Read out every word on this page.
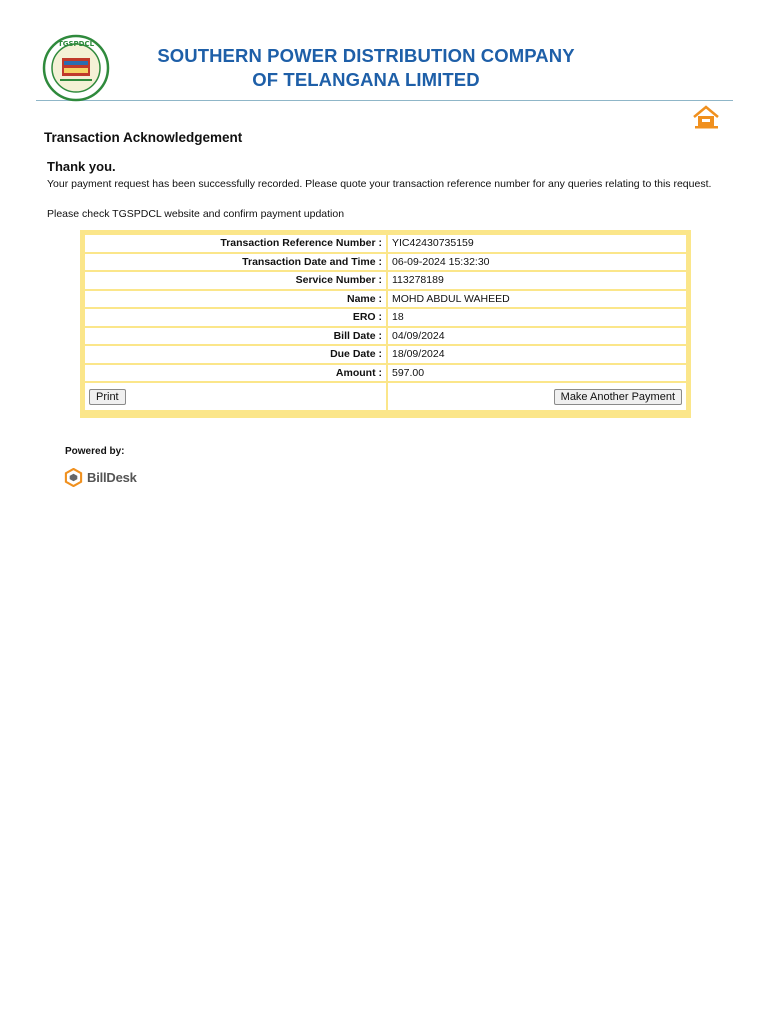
TGSPDCL
SOUTHERN POWER DISTRIBUTION COMPANY
OF TELANGANA LIMITED
Transaction Acknowledgement
Thank you.
Your payment request has been successfully recorded. Please quote your transaction reference number for any queries relating to this request.
Please check TGSPDCL website and confirm payment updation
Transaction Reference Number :	YIC42430735159
Transaction Date and Time :	06-09-2024 15:32:30
Service Number :	113278189
Name :	MOHD ABDUL WAHEED
ERO :	18
Bill Date :	04/09/2024
Due Date :	18/09/2024
Amount :	597.00
Print	Make Another Payment
Powered by:
BillDesk
